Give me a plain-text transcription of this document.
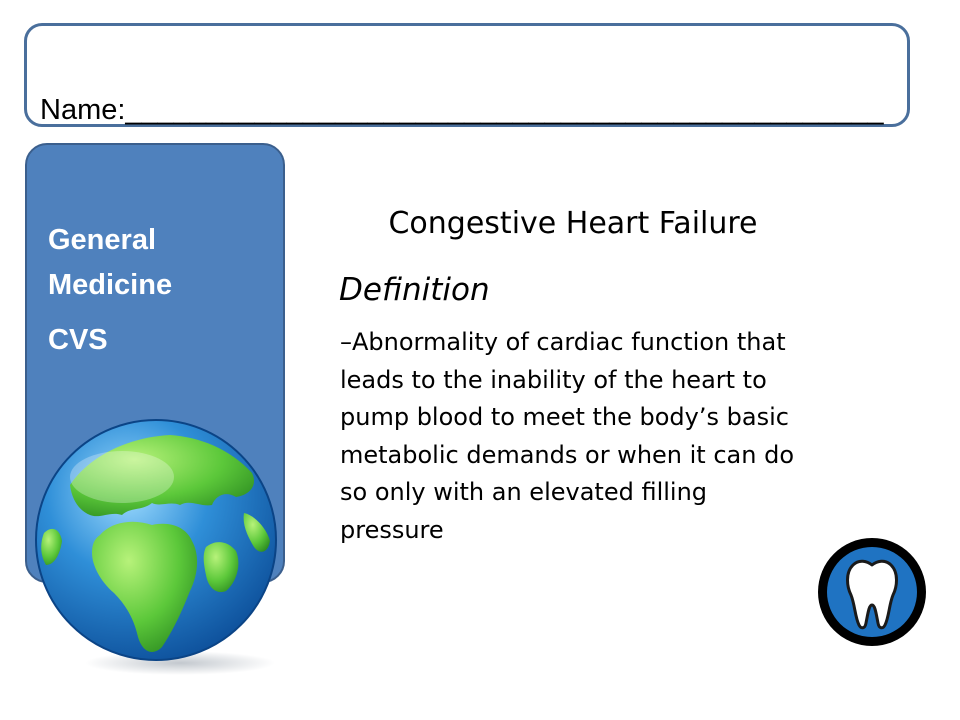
Name:_______________________________________________
General Medicine
CVS
Congestive Heart Failure
Definition
–Abnormality of cardiac function that leads to the inability of the heart to pump blood to meet the body’s basic metabolic demands or when it can do so only with an elevated filling pressure
